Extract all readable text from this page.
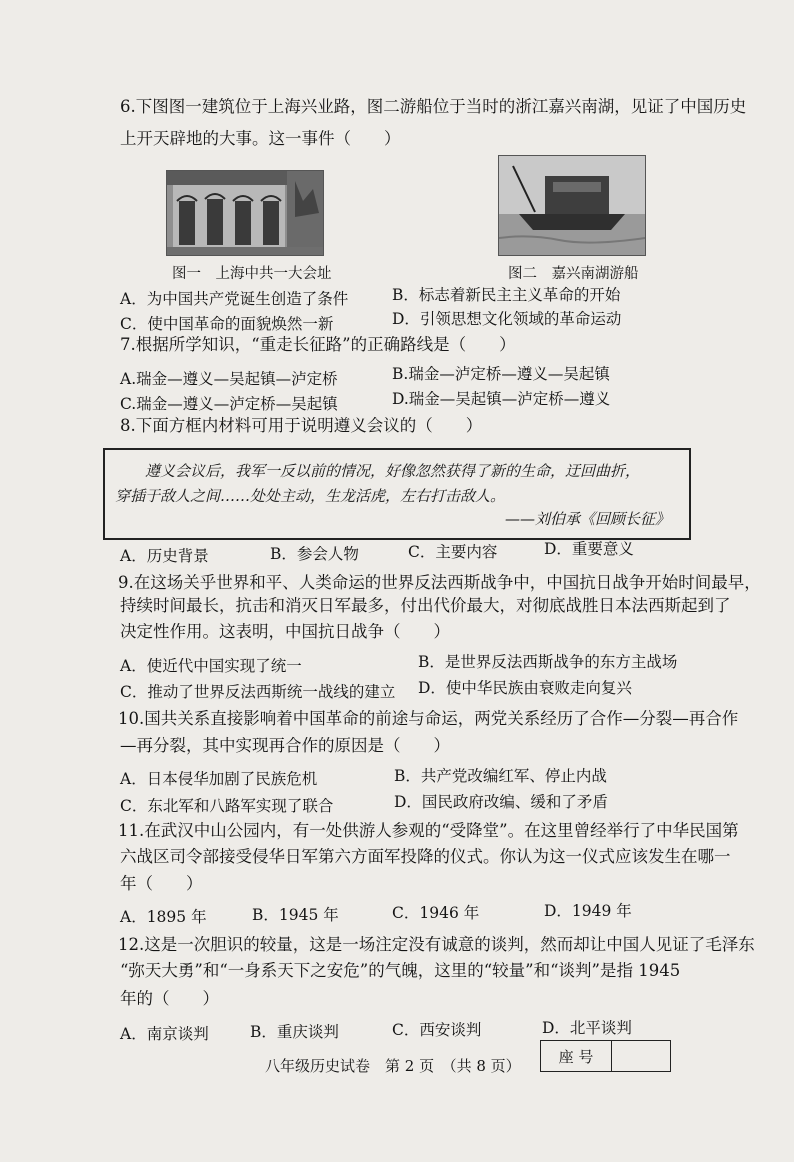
6.下图图一建筑位于上海兴业路，图二游船位于当时的浙江嘉兴南湖，见证了中国历史
上开天辟地的大事。这一事件（　　）
图一　上海中共一大会址	图二　嘉兴南湖游船
A．为中国共产党诞生创造了条件	B．标志着新民主主义革命的开始
C．使中国革命的面貌焕然一新	D．引领思想文化领域的革命运动
7.根据所学知识，“重走长征路”的正确路线是（　　）
A.瑞金—遵义—吴起镇—泸定桥	B.瑞金—泸定桥—遵义—吴起镇
C.瑞金—遵义—泸定桥—吴起镇	D.瑞金—吴起镇—泸定桥—遵义
8.下面方框内材料可用于说明遵义会议的（　　）
遵义会议后，我军一反以前的情况，好像忽然获得了新的生命，迂回曲折，
穿插于敌人之间……处处主动，生龙活虎，左右打击敌人。
——刘伯承《回顾长征》
A．历史背景	B．参会人物	C．主要内容	D．重要意义
9.在这场关乎世界和平、人类命运的世界反法西斯战争中，中国抗日战争开始时间最早，
持续时间最长，抗击和消灭日军最多，付出代价最大，对彻底战胜日本法西斯起到了
决定性作用。这表明，中国抗日战争（　　）
A．使近代中国实现了统一	B．是世界反法西斯战争的东方主战场
C．推动了世界反法西斯统一战线的建立 D．使中华民族由衰败走向复兴
10.国共关系直接影响着中国革命的前途与命运，两党关系经历了合作—分裂—再合作
—再分裂，其中实现再合作的原因是（　　）
A．日本侵华加剧了民族危机	B．共产党改编红军、停止内战
C．东北军和八路军实现了联合	D．国民政府改编、缓和了矛盾
11.在武汉中山公园内，有一处供游人参观的“受降堂”。在这里曾经举行了中华民国第
六战区司令部接受侵华日军第六方面军投降的仪式。你认为这一仪式应该发生在哪一
年（　　）
A．1895 年	B．1945 年	C．1946 年	D．1949 年
12.这是一次胆识的较量，这是一场注定没有诚意的谈判，然而却让中国人见证了毛泽东
“弥天大勇”和“一身系天下之安危”的气魄，这里的“较量”和“谈判”是指 1945
年的（　　）
A．南京谈判	B．重庆谈判	C．西安谈判	D．北平谈判
八年级历史试卷　第 2 页　（共 8 页）
座 号
